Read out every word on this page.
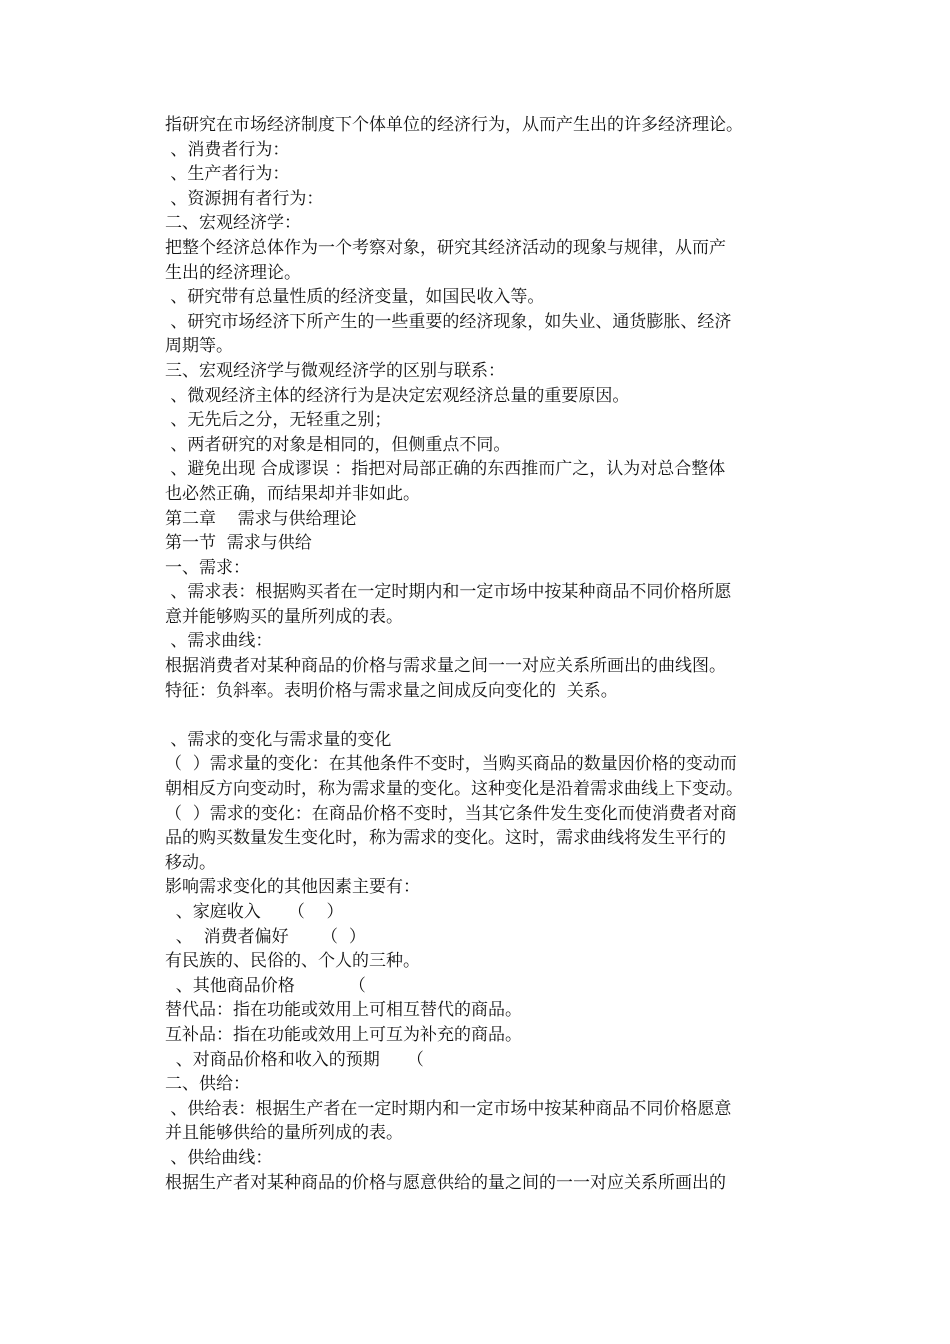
指研究在市场经济制度下个体单位的经济行为，从而产生出的许多经济理论。
、消费者行为：
、生产者行为：
、资源拥有者行为：
二、宏观经济学：
把整个经济总体作为一个考察对象，研究其经济活动的现象与规律，从而产
生出的经济理论。
、研究带有总量性质的经济变量，如国民收入等。
、研究市场经济下所产生的一些重要的经济现象，如失业、通货膨胀、经济
周期等。
三、宏观经济学与微观经济学的区别与联系：
、微观经济主体的经济行为是决定宏观经济总量的重要原因。
、无先后之分，无轻重之别；
、两者研究的对象是相同的，但侧重点不同。
、避免出现 合成谬误 ：指把对局部正确的东西推而广之，认为对总合整体
也必然正确，而结果却并非如此。
第二章    需求与供给理论
第一节  需求与供给
一、需求：
、需求表：根据购买者在一定时期内和一定市场中按某种商品不同价格所愿
意并能够购买的量所列成的表。
、需求曲线：
根据消费者对某种商品的价格与需求量之间一一对应关系所画出的曲线图。
特征：负斜率。表明价格与需求量之间成反向变化的  关系。
、需求的变化与需求量的变化
（  ）需求量的变化：在其他条件不变时，当购买商品的数量因价格的变动而
朝相反方向变动时，称为需求量的变化。这种变化是沿着需求曲线上下变动。
（  ）需求的变化：在商品价格不变时，当其它条件发生变化而使消费者对商
品的购买数量发生变化时，称为需求的变化。这时，需求曲线将发生平行的
移动。
影响需求变化的其他因素主要有：
、家庭收入     （    ）
、  消费者偏好      （  ）
有民族的、民俗的、个人的三种。
、其他商品价格          （
替代品：指在功能或效用上可相互替代的商品。
互补品：指在功能或效用上可互为补充的商品。
、对商品价格和收入的预期     （
二、供给：
、供给表：根据生产者在一定时期内和一定市场中按某种商品不同价格愿意
并且能够供给的量所列成的表。
、供给曲线：
根据生产者对某种商品的价格与愿意供给的量之间的一一对应关系所画出的
